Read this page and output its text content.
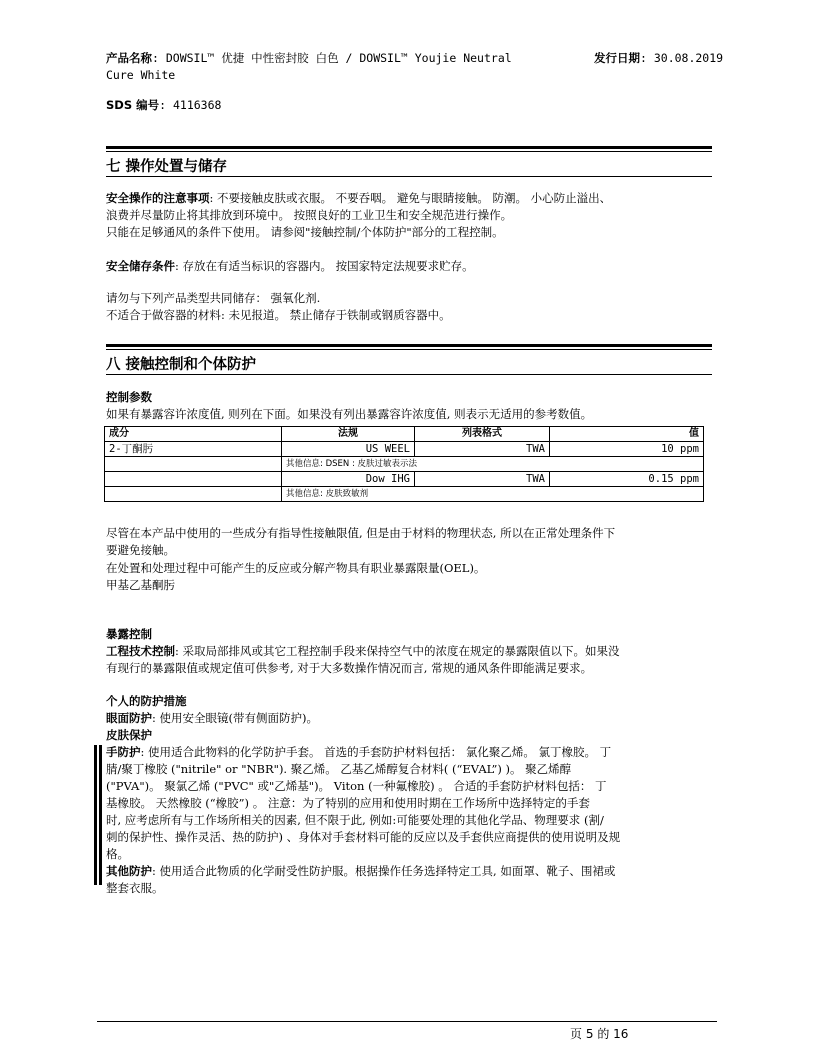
产品名称: DOWSIL™ 优捷 中性密封胶 白色 / DOWSIL™ Youjie Neutral
Cure White
发行日期: 30.08.2019
SDS 编号: 4116368
七 操作处置与储存
安全操作的注意事项: 不要接触皮肤或衣服。 不要吞咽。 避免与眼睛接触。 防潮。 小心防止溢出、
浪费并尽量防止将其排放到环境中。 按照良好的工业卫生和安全规范进行操作。
只能在足够通风的条件下使用。 请参阅"接触控制/个体防护"部分的工程控制。
安全储存条件: 存放在有适当标识的容器内。 按国家特定法规要求贮存。
请勿与下列产品类型共同储存： 强氧化剂.
不适合于做容器的材料: 未见报道。 禁止储存于铁制或钢质容器中。
八 接触控制和个体防护
控制参数
如果有暴露容许浓度值, 则列在下面。如果没有列出暴露容许浓度值, 则表示无适用的参考数值。
成分	法规	列表格式	值
2-丁酮肟	US WEEL	TWA	10 ppm
	其他信息: DSEN : 皮肤过敏表示法		
	Dow IHG	TWA	0.15 ppm
	其他信息: 皮肤致敏剂		
尽管在本产品中使用的一些成分有指导性接触限值, 但是由于材料的物理状态, 所以在正常处理条件下
要避免接触。
在处置和处理过程中可能产生的反应或分解产物具有职业暴露限量(OEL)。
甲基乙基酮肟
暴露控制
工程技术控制: 采取局部排风或其它工程控制手段来保持空气中的浓度在规定的暴露限值以下。如果没
有现行的暴露限值或规定值可供参考, 对于大多数操作情况而言, 常规的通风条件即能满足要求。
个人的防护措施
眼面防护: 使用安全眼镜(带有侧面防护)。
皮肤保护
手防护: 使用适合此物料的化学防护手套。 首选的手套防护材料包括： 氯化聚乙烯。 氯丁橡胶。 丁
腈/聚丁橡胶 ("nitrile" or "NBR"). 聚乙烯。 乙基乙烯醇复合材料( (“EVAL”) )。 聚乙烯醇
("PVA")。 聚氯乙烯 ("PVC" 或"乙烯基")。 Viton (一种氟橡胶) 。 合适的手套防护材料包括： 丁
基橡胶。 天然橡胶 (“橡胶”) 。 注意：为了特别的应用和使用时期在工作场所中选择特定的手套
时, 应考虑所有与工作场所相关的因素, 但不限于此, 例如:可能要处理的其他化学品、物理要求 (割/
刺的保护性、操作灵活、热的防护) 、身体对手套材料可能的反应以及手套供应商提供的使用说明及规
格。
其他防护: 使用适合此物质的化学耐受性防护服。根据操作任务选择特定工具, 如面罩、靴子、围裙或
整套衣服。
页 5 的 16
